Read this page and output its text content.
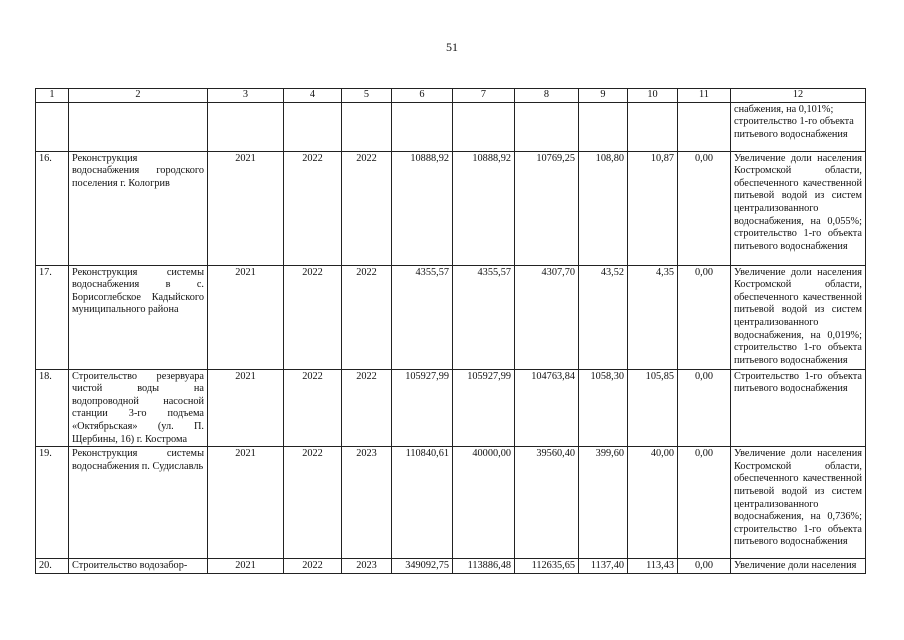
51
1	2	3	4	5	6	7	8	9	10	11	12

											снабжения, на 0,101%;
строительство 1-го объекта
питьевого водоснабжения

16.	Реконструкция водоснабжения городского поселения г. Кологрив	2021	2022	2022	10888,92	10888,92	10769,25	108,80	10,87	0,00	Увеличение доли населения Костромской области, обеспеченного качественной питьевой водой из систем централизованного водоснабжения, на 0,055%; строительство 1-го объекта питьевого водоснабжения
17.	Реконструкция системы водоснабжения в с. Борисоглебское Кадыйского муниципального района	2021	2022	2022	4355,57	4355,57	4307,70	43,52	4,35	0,00	Увеличение доли населения Костромской области, обеспеченного качественной питьевой водой из систем централизованного водоснабжения, на 0,019%; строительство 1-го объекта питьевого водоснабжения
18.	Строительство резервуара чистой воды на водопроводной насосной станции 3-го подъема «Октябрьская» (ул. П. Щербины, 16) г. Кострома	2021	2022	2022	105927,99	105927,99	104763,84	1058,30	105,85	0,00	Строительство 1-го объекта питьевого водоснабжения
19.	Реконструкция системы водоснабжения п. Судиславль	2021	2022	2023	110840,61	40000,00	39560,40	399,60	40,00	0,00	Увеличение доли населения Костромской области, обеспеченного качественной питьевой водой из систем централизованного водоснабжения, на 0,736%; строительство 1-го объекта питьевого водоснабжения
20.	Строительство водозабор-	2021	2022	2023	349092,75	113886,48	112635,65	1137,40	113,43	0,00	Увеличение доли населения
